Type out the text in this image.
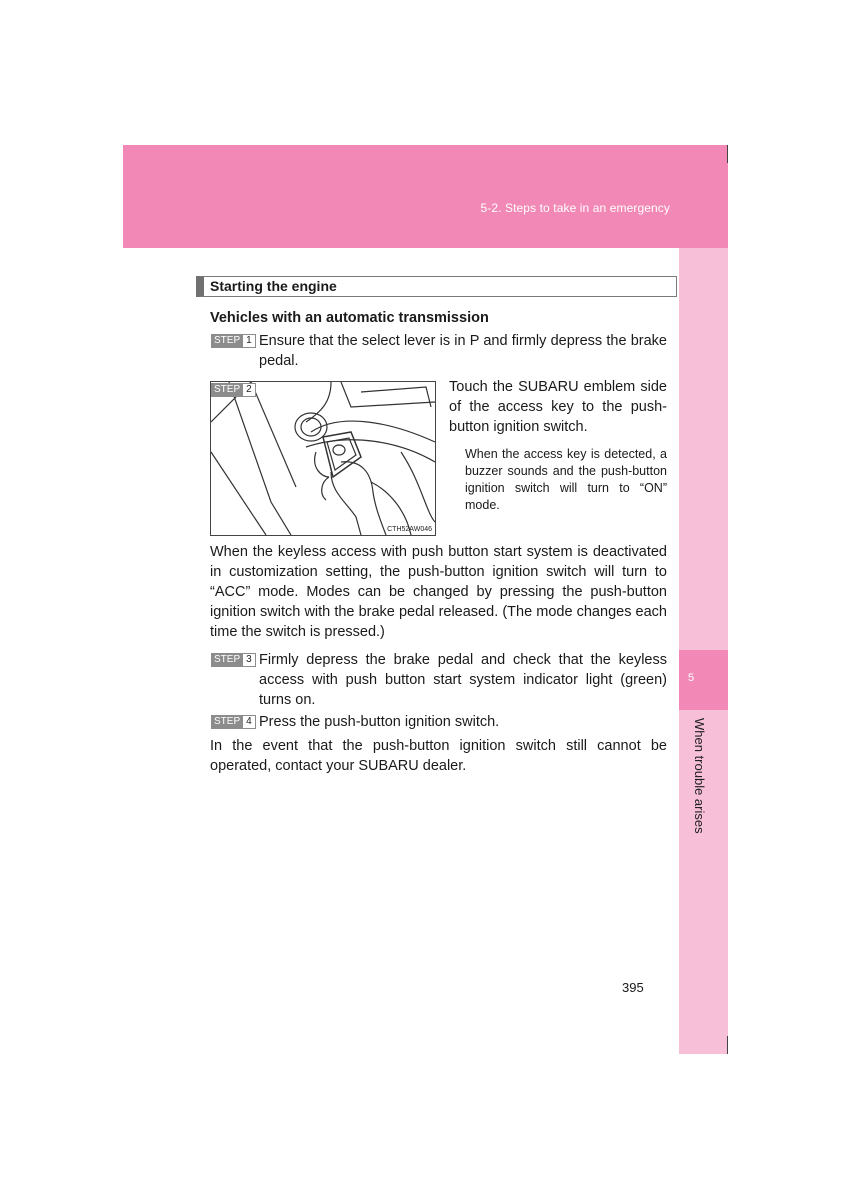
5-2. Steps to take in an emergency
5
When trouble arises
Starting the engine
Vehicles with an automatic transmission
STEP 1 Ensure that the select lever is in P and firmly depress the brake pedal.
CTH52AW046
STEP 2	Touch the SUBARU emblem side of the access key to the push-button ignition switch.
When the access key is detected, a buzzer sounds and the push-button ignition switch will turn to “ON” mode.
When the keyless access with push button start system is deactivated in customization setting, the push-button ignition switch will turn to “ACC” mode. Modes can be changed by pressing the push-button ignition switch with the brake pedal released. (The mode changes each time the switch is pressed.)
STEP 3 Firmly depress the brake pedal and check that the keyless access with push button start system indicator light (green) turns on.
STEP 4 Press the push-button ignition switch.
In the event that the push-button ignition switch still cannot be operated, contact your SUBARU dealer.
395
